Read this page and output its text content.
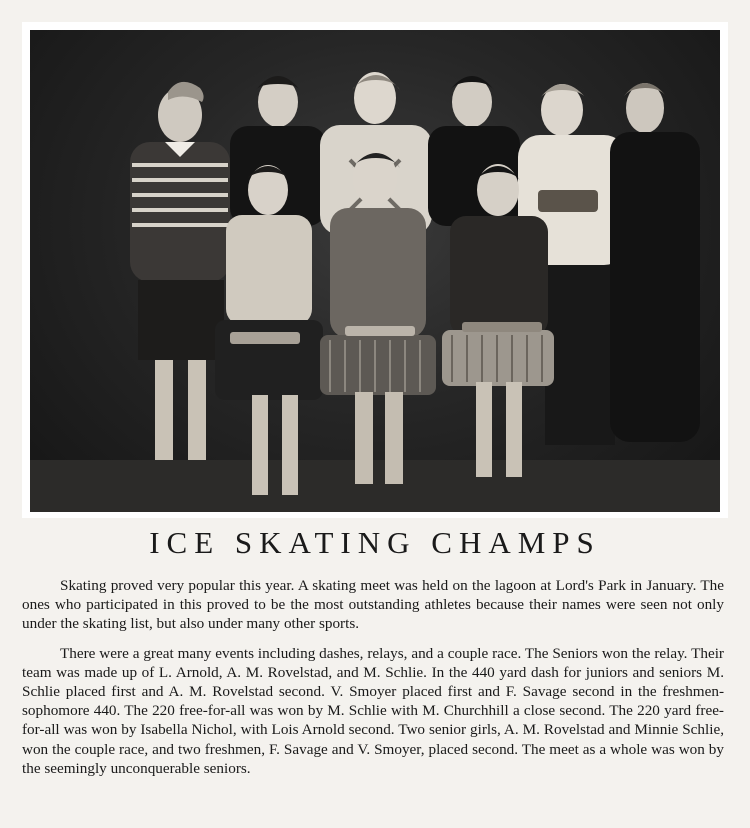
ICE SKATING CHAMPS

Skating proved very popular this year. A skating meet was held on the lagoon at Lord's Park in January. The ones who participated in this proved to be the most outstanding athletes because their names were seen not only under the skating list, but also under many other sports.

There were a great many events including dashes, relays, and a couple race. The Seniors won the relay. Their team was made up of L. Arnold, A. M. Rovelstad, and M. Schlie. In the 440 yard dash for juniors and seniors M. Schlie placed first and A. M. Rovelstad second. V. Smoyer placed first and F. Savage second in the freshmen-sophomore 440. The 220 free-for-all was won by M. Schlie with M. Churchhill a close second. The 220 yard free-for-all was won by Isabella Nichol, with Lois Arnold second. Two senior girls, A. M. Rovelstad and Minnie Schlie, won the couple race, and two freshmen, F. Savage and V. Smoyer, placed second. The meet as a whole was won by the seemingly unconquerable seniors.
